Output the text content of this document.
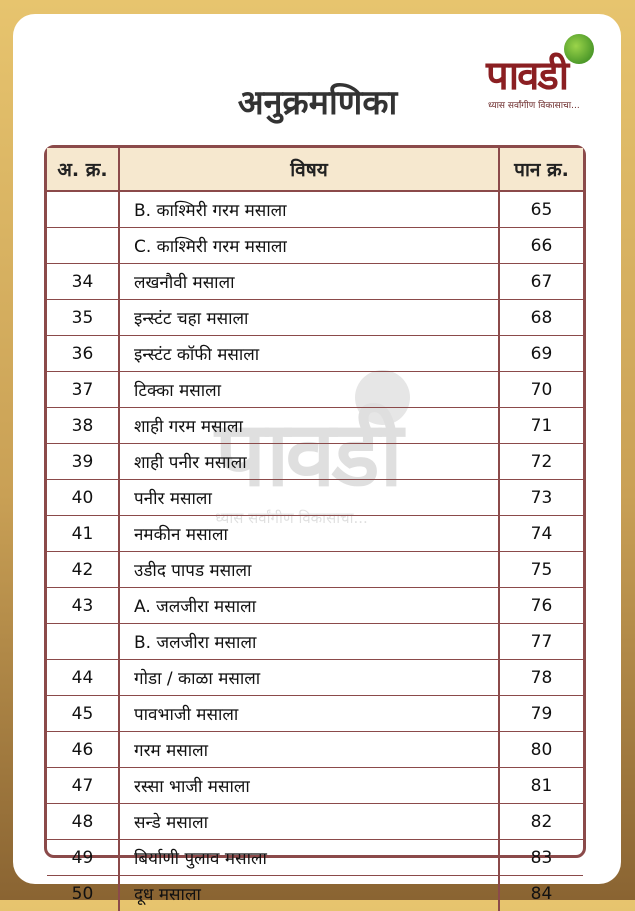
अनुक्रमणिका
पावडी
ध्यास सर्वांगीण विकासाचा...
अ. क्र.	विषय	पान क्र.
	B. काश्मिरी गरम मसाला	65
	C. काश्मिरी गरम मसाला	66
34	लखनौवी मसाला	67
35	इन्स्टंट चहा मसाला	68
36	इन्स्टंट कॉफी मसाला	69
37	टिक्का मसाला	70
38	शाही गरम मसाला	71
39	शाही पनीर मसाला	72
40	पनीर मसाला	73
41	नमकीन मसाला	74
42	उडीद पापड मसाला	75
43	A. जलजीरा मसाला	76
	B. जलजीरा मसाला	77
44	गोडा / काळा मसाला	78
45	पावभाजी मसाला	79
46	गरम मसाला	80
47	रस्सा भाजी मसाला	81
48	सन्डे मसाला	82
49	बिर्याणी पुलाव मसाला	83
50	दूध मसाला	84
